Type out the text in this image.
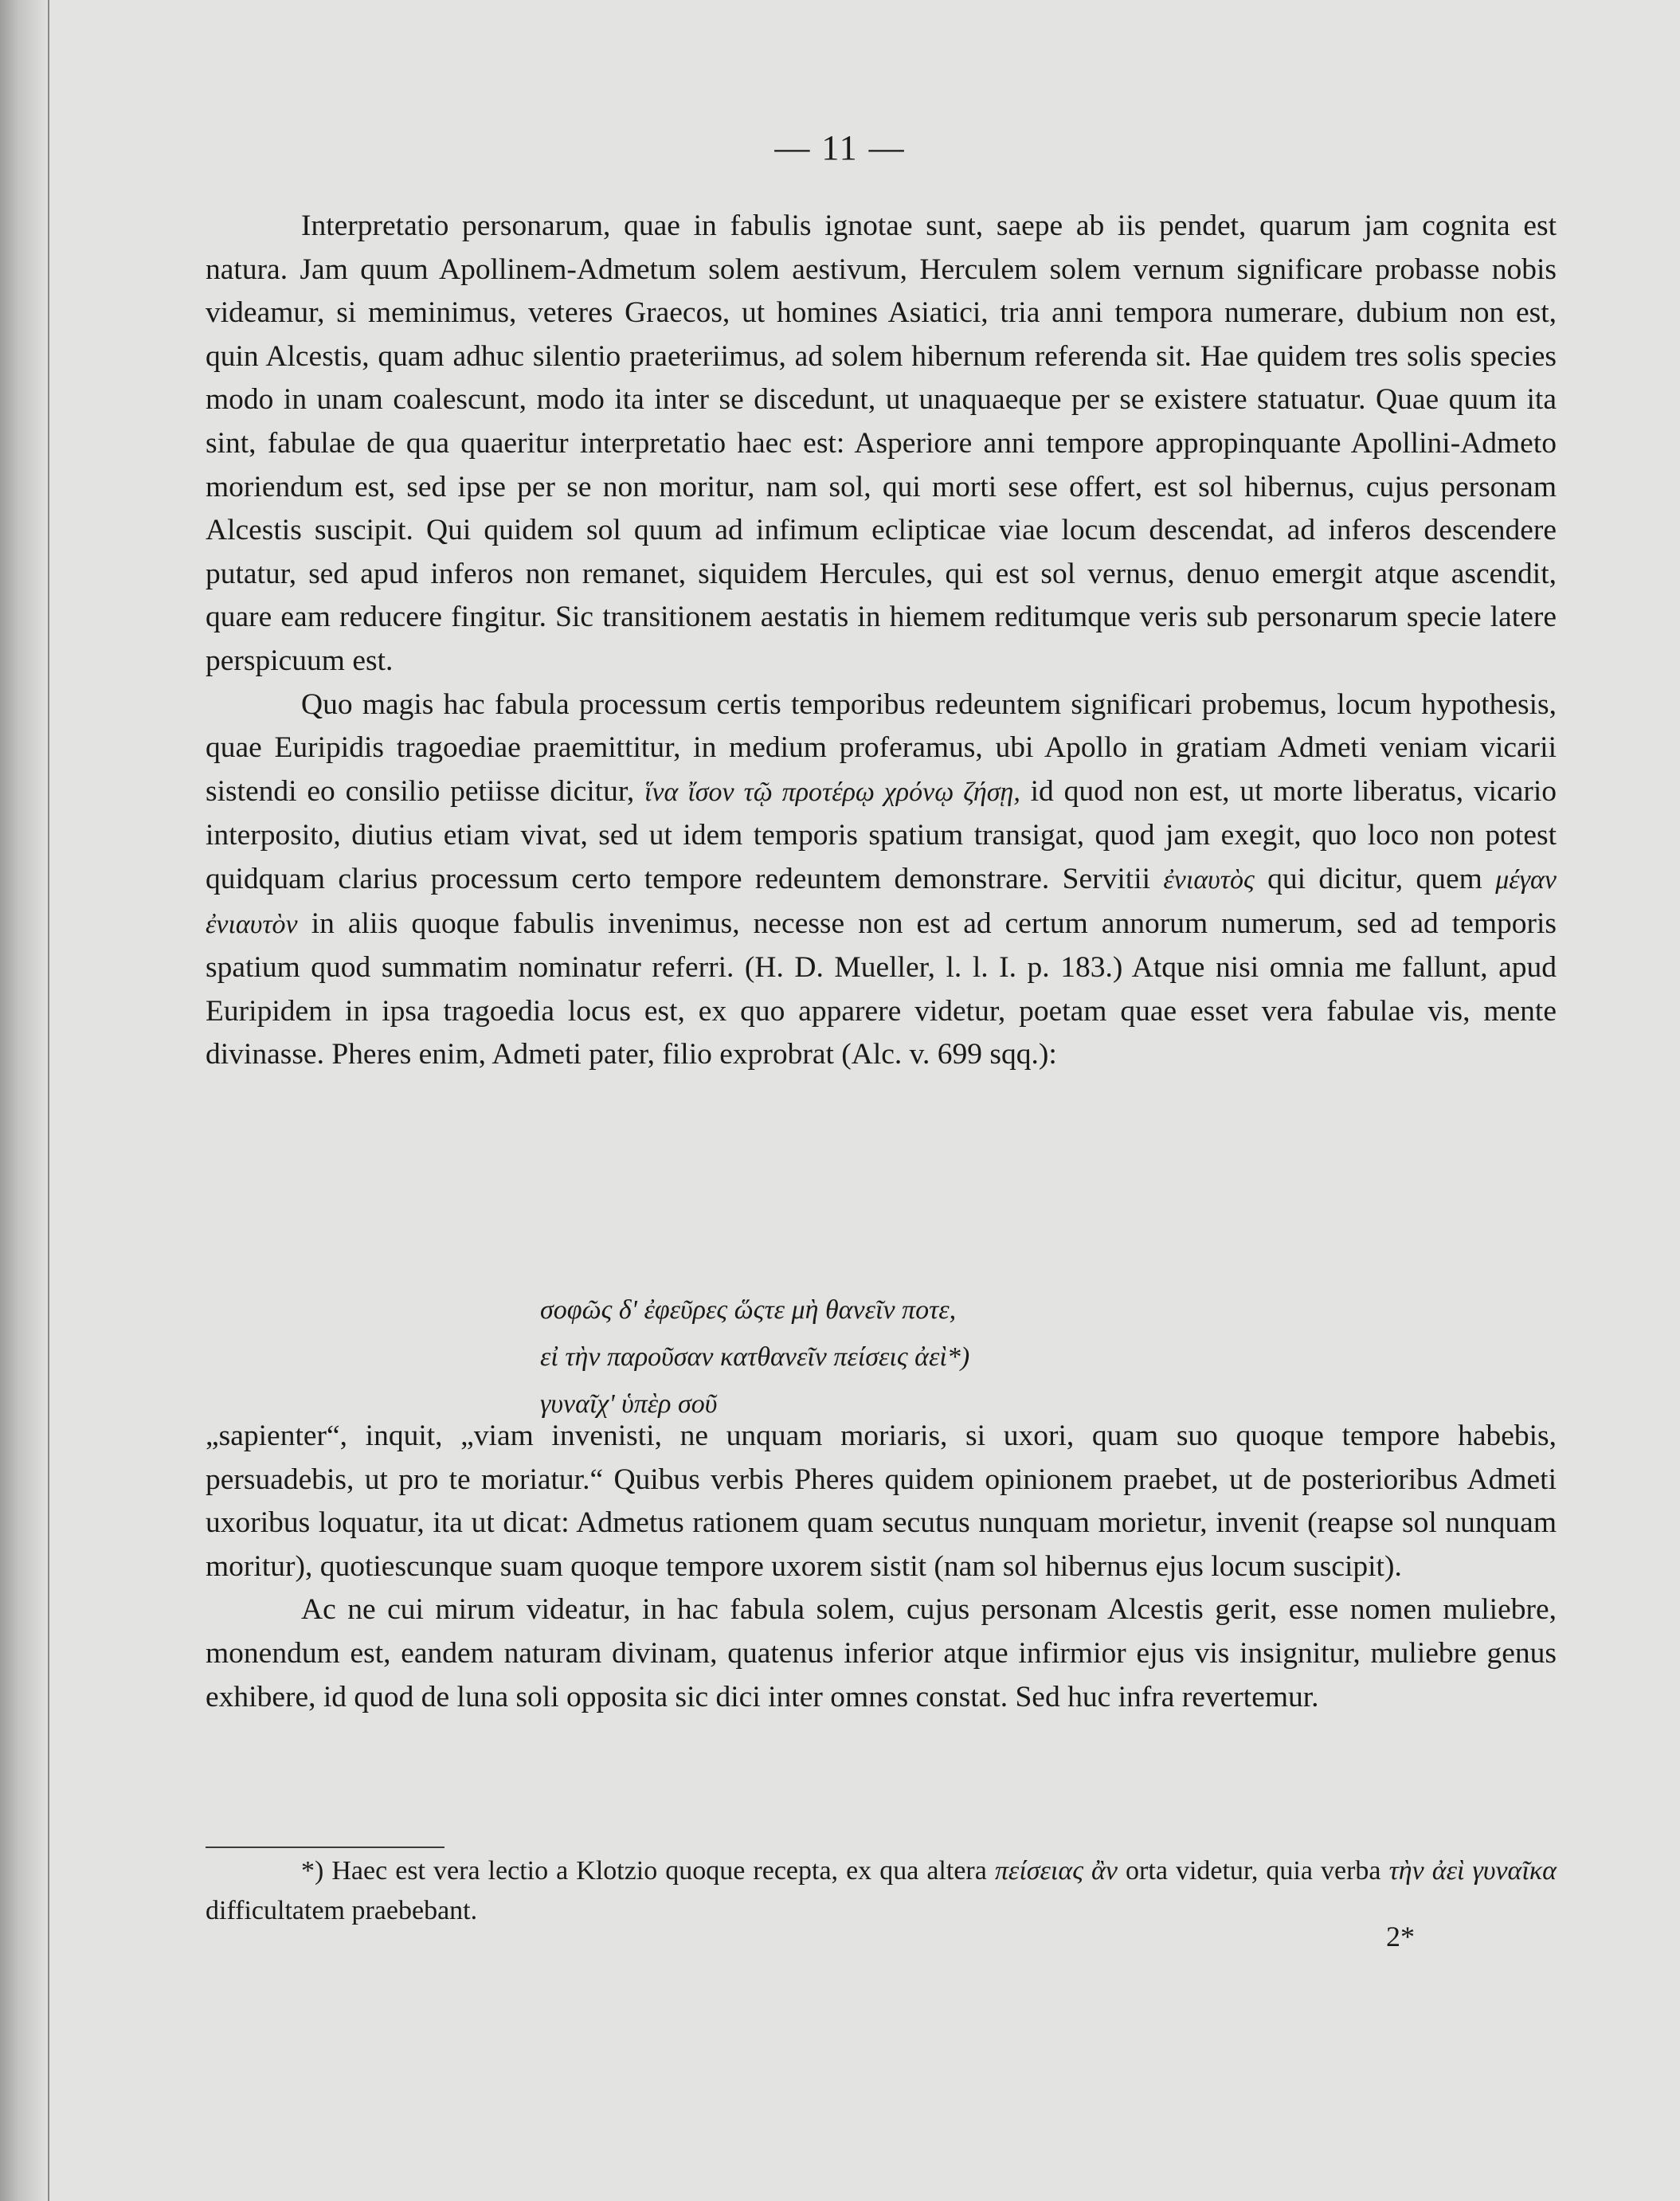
— 11 —

Interpretatio personarum, quae in fabulis ignotae sunt, saepe ab iis pendet, quarum jam cognita est natura. Jam quum Apollinem-Admetum solem aestivum, Herculem solem vernum significare probasse nobis videamur, si meminimus, veteres Graecos, ut homines Asiatici, tria anni tempora numerare, dubium non est, quin Alcestis, quam adhuc silentio praeteriimus, ad solem hibernum referenda sit. Hae quidem tres solis species modo in unam coalescunt, modo ita inter se discedunt, ut unaquaeque per se existere statuatur. Quae quum ita sint, fabulae de qua quaeritur interpretatio haec est: Asperiore anni tempore appropinquante Apollini-Admeto moriendum est, sed ipse per se non moritur, nam sol, qui morti sese offert, est sol hibernus, cujus personam Alcestis suscipit. Qui quidem sol quum ad infimum eclipticae viae locum descendat, ad inferos descendere putatur, sed apud inferos non remanet, siquidem Hercules, qui est sol vernus, denuo emergit atque ascendit, quare eam reducere fingitur. Sic transitionem aestatis in hiemem reditumque veris sub personarum specie latere perspicuum est.

Quo magis hac fabula processum certis temporibus redeuntem significari probemus, locum hypothesis, quae Euripidis tragoediae praemittitur, in medium proferamus, ubi Apollo in gratiam Admeti veniam vicarii sistendi eo consilio petiisse dicitur, ἵνα ἴσον τῷ προτέρῳ χρόνῳ ζήσῃ, id quod non est, ut morte liberatus, vicario interposito, diutius etiam vivat, sed ut idem temporis spatium transigat, quod jam exegit, quo loco non potest quidquam clarius processum certo tempore redeuntem demonstrare. Servitii ἐνιαυτὸς qui dicitur, quem μέγαν ἐνιαυτὸν in aliis quoque fabulis invenimus, necesse non est ad certum annorum numerum, sed ad temporis spatium quod summatim nominatur referri. (H. D. Mueller, l. l. I. p. 183.) Atque nisi omnia me fallunt, apud Euripidem in ipsa tragoedia locus est, ex quo apparere videtur, poetam quae esset vera fabulae vis, mente divinasse. Pheres enim, Admeti pater, filio exprobrat (Alc. v. 699 sqq.):

σοφῶς δ' ἐφεῦρες ὥςτε μὴ θανεῖν ποτε,
εἰ τὴν παροῦσαν κατθανεῖν πείσεις ἀεὶ*)
γυναῖχ' ὑπὲρ σοῦ

„sapienter“, inquit, „viam invenisti, ne unquam moriaris, si uxori, quam suo quoque tempore habebis, persuadebis, ut pro te moriatur.“ Quibus verbis Pheres quidem opinionem praebet, ut de posterioribus Admeti uxoribus loquatur, ita ut dicat: Admetus rationem quam secutus nunquam morietur, invenit (reapse sol nunquam moritur), quotiescunque suam quoque tempore uxorem sistit (nam sol hibernus ejus locum suscipit).

Ac ne cui mirum videatur, in hac fabula solem, cujus personam Alcestis gerit, esse nomen muliebre, monendum est, eandem naturam divinam, quatenus inferior atque infirmior ejus vis insignitur, muliebre genus exhibere, id quod de luna soli opposita sic dici inter omnes constat. Sed huc infra revertemur.

*) Haec est vera lectio a Klotzio quoque recepta, ex qua altera πείσειας ἂν orta videtur, quia verba τὴν ἀεὶ γυναῖκα difficultatem praebebant.

2*
